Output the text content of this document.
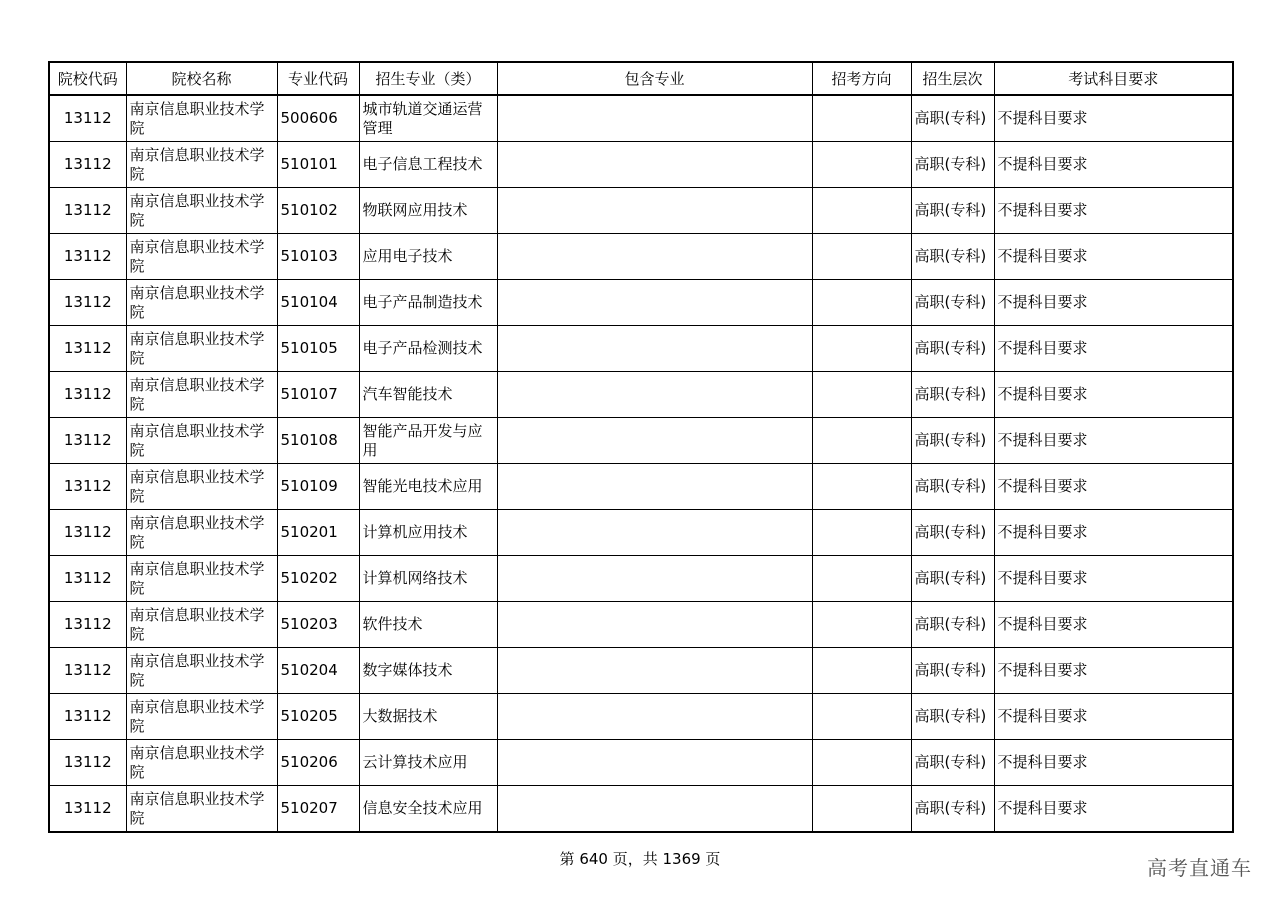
院校代码	院校名称	专业代码	招生专业（类）	包含专业	招考方向	招生层次	考试科目要求
13112	南京信息职业技术学院	500606	城市轨道交通运营管理			高职(专科)	不提科目要求
13112	南京信息职业技术学院	510101	电子信息工程技术			高职(专科)	不提科目要求
13112	南京信息职业技术学院	510102	物联网应用技术			高职(专科)	不提科目要求
13112	南京信息职业技术学院	510103	应用电子技术			高职(专科)	不提科目要求
13112	南京信息职业技术学院	510104	电子产品制造技术			高职(专科)	不提科目要求
13112	南京信息职业技术学院	510105	电子产品检测技术			高职(专科)	不提科目要求
13112	南京信息职业技术学院	510107	汽车智能技术			高职(专科)	不提科目要求
13112	南京信息职业技术学院	510108	智能产品开发与应用			高职(专科)	不提科目要求
13112	南京信息职业技术学院	510109	智能光电技术应用			高职(专科)	不提科目要求
13112	南京信息职业技术学院	510201	计算机应用技术			高职(专科)	不提科目要求
13112	南京信息职业技术学院	510202	计算机网络技术			高职(专科)	不提科目要求
13112	南京信息职业技术学院	510203	软件技术			高职(专科)	不提科目要求
13112	南京信息职业技术学院	510204	数字媒体技术			高职(专科)	不提科目要求
13112	南京信息职业技术学院	510205	大数据技术			高职(专科)	不提科目要求
13112	南京信息职业技术学院	510206	云计算技术应用			高职(专科)	不提科目要求
13112	南京信息职业技术学院	510207	信息安全技术应用			高职(专科)	不提科目要求
第 640 页，共 1369 页	高考直通车
